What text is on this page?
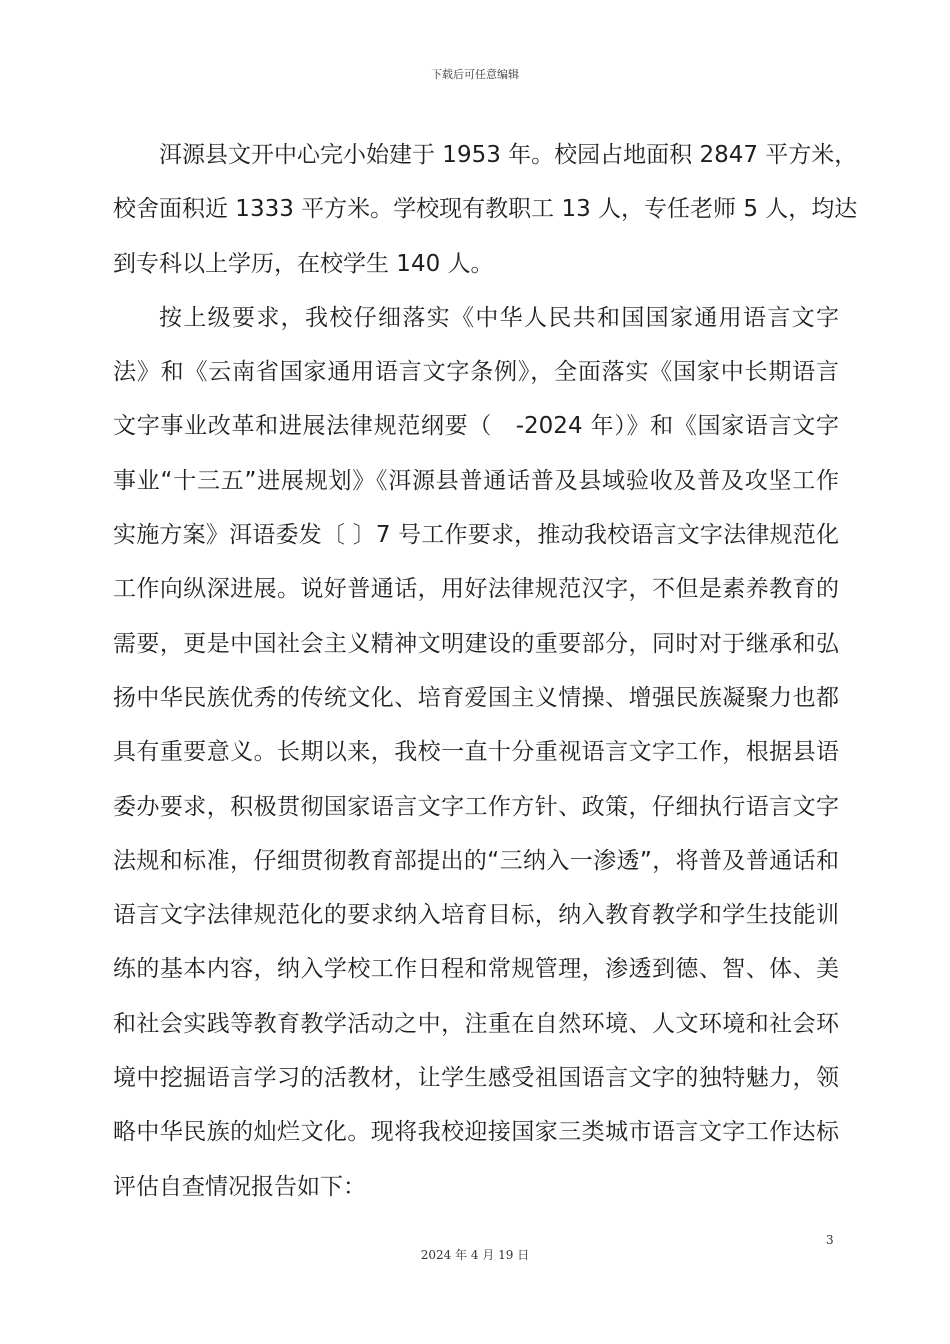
下载后可任意编辑
洱源县文开中心完小始建于 1953 年。校园占地面积 2847 平方米，
校舍面积近 1333 平方米。学校现有教职工 13 人，专任老师 5 人，均达
到专科以上学历，在校学生 140 人。
按上级要求，我校仔细落实《中华人民共和国国家通用语言文字
法》和《云南省国家通用语言文字条例》，全面落实《国家中长期语言
文字事业改革和进展法律规范纲要（　-2024 年）》和《国家语言文字
事业“十三五”进展规划》《洱源县普通话普及县域验收及普及攻坚工作
实施方案》洱语委发〔 〕7 号工作要求，推动我校语言文字法律规范化
工作向纵深进展。说好普通话，用好法律规范汉字，不但是素养教育的
需要，更是中国社会主义精神文明建设的重要部分，同时对于继承和弘
扬中华民族优秀的传统文化、培育爱国主义情操、增强民族凝聚力也都
具有重要意义。长期以来，我校一直十分重视语言文字工作，根据县语
委办要求，积极贯彻国家语言文字工作方针、政策，仔细执行语言文字
法规和标准，仔细贯彻教育部提出的“三纳入一渗透”，将普及普通话和
语言文字法律规范化的要求纳入培育目标，纳入教育教学和学生技能训
练的基本内容，纳入学校工作日程和常规管理，渗透到德、智、体、美
和社会实践等教育教学活动之中，注重在自然环境、人文环境和社会环
境中挖掘语言学习的活教材，让学生感受祖国语言文字的独特魅力，领
略中华民族的灿烂文化。现将我校迎接国家三类城市语言文字工作达标
评估自查情况报告如下：
3
2024 年 4 月 19 日
